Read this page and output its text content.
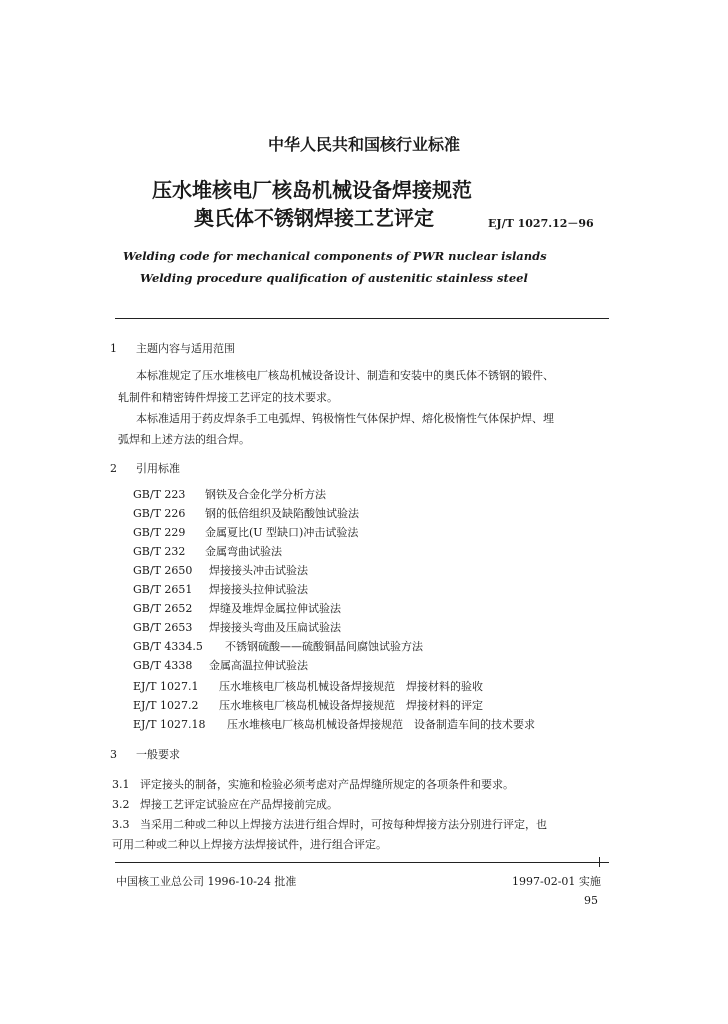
中华人民共和国核行业标准
压水堆核电厂核岛机械设备焊接规范
奥氏体不锈钢焊接工艺评定	EJ/T 1027.12－96
Welding code for mechanical components of PWR nuclear islands
Welding procedure qualification of austenitic stainless steel
1 主题内容与适用范围
本标准规定了压水堆核电厂核岛机械设备设计、制造和安装中的奥氏体不锈钢的锻件、
轧制件和精密铸件焊接工艺评定的技术要求。
本标准适用于药皮焊条手工电弧焊、钨极惰性气体保护焊、熔化极惰性气体保护焊、埋
弧焊和上述方法的组合焊。
2 引用标准
GB/T 223 钢铁及合金化学分析方法
GB/T 226 钢的低倍组织及缺陷酸蚀试验法
GB/T 229 金属夏比(U 型缺口)冲击试验法
GB/T 232 金属弯曲试验法
GB/T 2650 焊接接头冲击试验法
GB/T 2651 焊接接头拉伸试验法
GB/T 2652 焊缝及堆焊金属拉伸试验法
GB/T 2653 焊接接头弯曲及压扁试验法
GB/T 4334.5 不锈钢硫酸——硫酸铜晶间腐蚀试验方法
GB/T 4338 金属高温拉伸试验法
EJ/T 1027.1 压水堆核电厂核岛机械设备焊接规范　焊接材料的验收
EJ/T 1027.2 压水堆核电厂核岛机械设备焊接规范　焊接材料的评定
EJ/T 1027.18 压水堆核电厂核岛机械设备焊接规范　设备制造车间的技术要求
3 一般要求
3.1 评定接头的制备，实施和检验必须考虑对产品焊缝所规定的各项条件和要求。
3.2 焊接工艺评定试验应在产品焊接前完成。
3.3 当采用二种或二种以上焊接方法进行组合焊时，可按每种焊接方法分别进行评定，也
可用二种或二种以上焊接方法焊接试件，进行组合评定。
中国核工业总公司 1996-10-24 批准	1997-02-01 实施
95
